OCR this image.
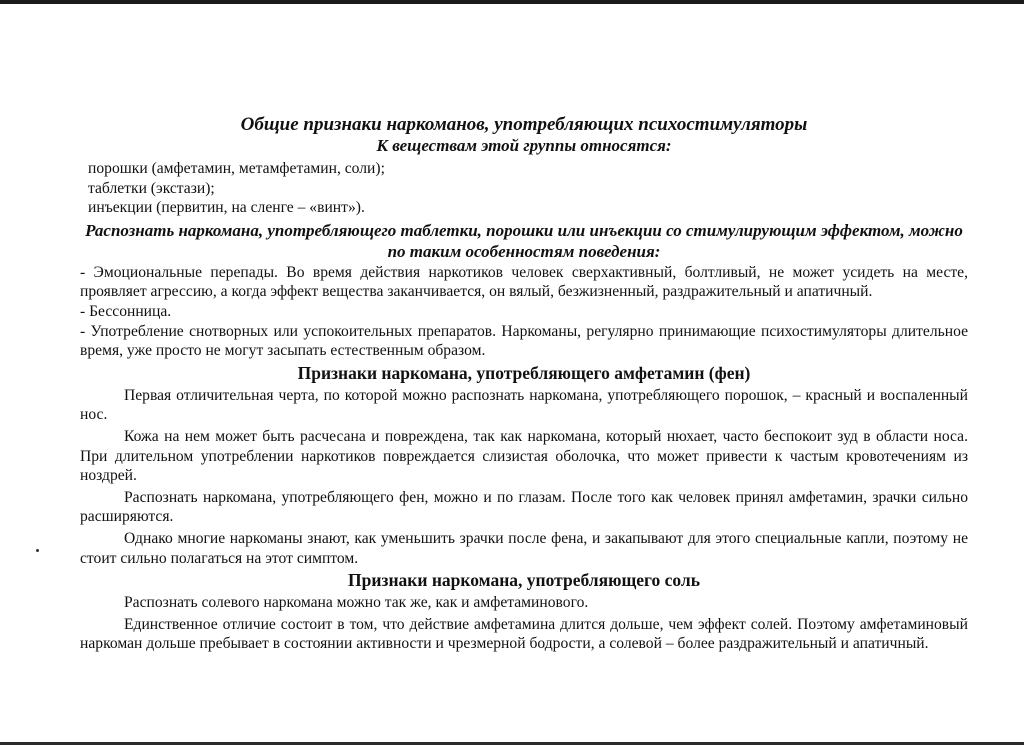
Общие признаки наркоманов, употребляющих психостимуляторы

К веществам этой группы относятся:

порошки (амфетамин, метамфетамин, соли);

таблетки (экстази);

инъекции (первитин, на сленге – «винт»).

Распознать наркомана, употребляющего таблетки, порошки или инъекции со стимулирующим эффектом, можно по таким особенностям поведения:

- Эмоциональные перепады. Во время действия наркотиков человек сверхактивный, болтливый, не может усидеть на месте, проявляет агрессию, а когда эффект вещества заканчивается, он вялый, безжизненный, раздражительный и апатичный.

- Бессонница.

- Употребление снотворных или успокоительных препаратов. Наркоманы, регулярно принимающие психостимуляторы длительное время, уже просто не могут засыпать естественным образом.

Признаки наркомана, употребляющего амфетамин (фен)

Первая отличительная черта, по которой можно распознать наркомана, употребляющего порошок, – красный и воспаленный нос.

Кожа на нем может быть расчесана и повреждена, так как наркомана, который нюхает, часто беспокоит зуд в области носа. При длительном употреблении наркотиков повреждается слизистая оболочка, что может привести к частым кровотечениям из ноздрей.

Распознать наркомана, употребляющего фен, можно и по глазам. После того как человек принял амфетамин, зрачки сильно расширяются.

Однако многие наркоманы знают, как уменьшить зрачки после фена, и закапывают для этого специальные капли, поэтому не стоит сильно полагаться на этот симптом.

Признаки наркомана, употребляющего соль

Распознать солевого наркомана можно так же, как и амфетаминового.

Единственное отличие состоит в том, что действие амфетамина длится дольше, чем эффект солей. Поэтому амфетаминовый наркоман дольше пребывает в состоянии активности и чрезмерной бодрости, а солевой – более раздражительный и апатичный.
